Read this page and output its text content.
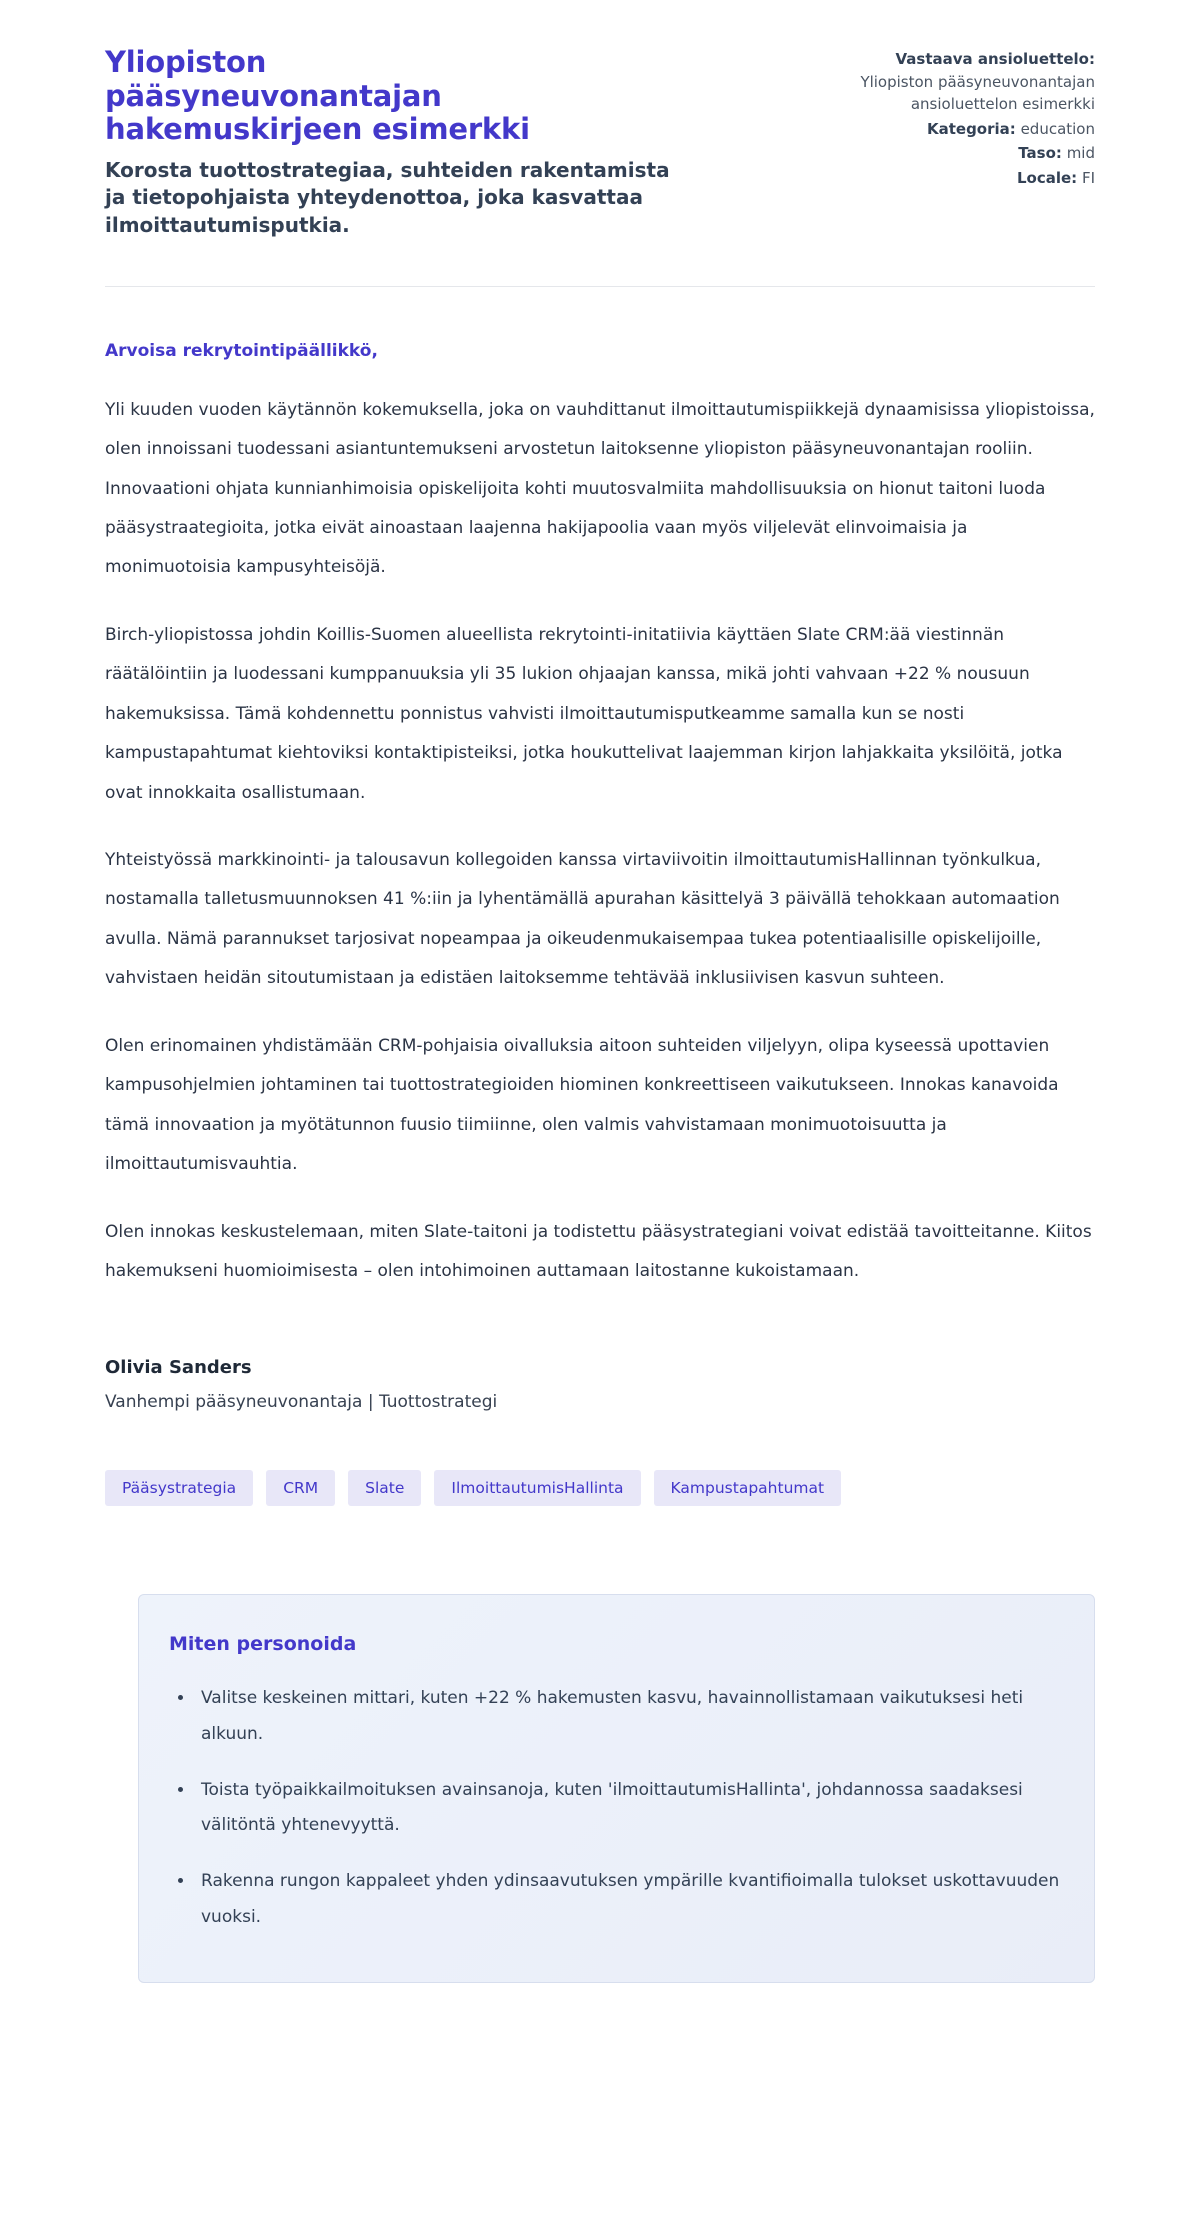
Yliopiston pääsyneuvonantajan hakemuskirjeen esimerkki
Korosta tuottostrategiaa, suhteiden rakentamista ja tietopohjaista yhteydenottoa, joka kasvattaa ilmoittautumisputkia.
Vastaava ansioluettelo:
Yliopiston pääsyneuvonantajan ansioluettelon esimerkki
Kategoria: education
Taso: mid
Locale: FI

Arvoisa rekrytointipäällikkö,

Yli kuuden vuoden käytännön kokemuksella, joka on vauhdittanut ilmoittautumispiikkejä dynaamisissa yliopistoissa, olen innoissani tuodessani asiantuntemukseni arvostetun laitoksenne yliopiston pääsyneuvonantajan rooliin. Innovaationi ohjata kunnianhimoisia opiskelijoita kohti muutosvalmiita mahdollisuuksia on hionut taitoni luoda pääsystraategioita, jotka eivät ainoastaan laajenna hakijapoolia vaan myös viljelevät elinvoimaisia ja monimuotoisia kampusyhteisöjä.

Birch-yliopistossa johdin Koillis-Suomen alueellista rekrytointi-initatiivia käyttäen Slate CRM:ää viestinnän räätälöintiin ja luodessani kumppanuuksia yli 35 lukion ohjaajan kanssa, mikä johti vahvaan +22 % nousuun hakemuksissa. Tämä kohdennettu ponnistus vahvisti ilmoittautumisputkeamme samalla kun se nosti kampustapahtumat kiehtoviksi kontaktipisteiksi, jotka houkuttelivat laajemman kirjon lahjakkaita yksilöitä, jotka ovat innokkaita osallistumaan.

Yhteistyössä markkinointi- ja talousavun kollegoiden kanssa virtaviivoitin ilmoittautumisHallinnan työnkulkua, nostamalla talletusmuunnoksen 41 %:iin ja lyhentämällä apurahan käsittelyä 3 päivällä tehokkaan automaation avulla. Nämä parannukset tarjosivat nopeampaa ja oikeudenmukaisempaa tukea potentiaalisille opiskelijoille, vahvistaen heidän sitoutumistaan ja edistäen laitoksemme tehtävää inklusiivisen kasvun suhteen.

Olen erinomainen yhdistämään CRM-pohjaisia oivalluksia aitoon suhteiden viljelyyn, olipa kyseessä upottavien kampusohjelmien johtaminen tai tuottostrategioiden hiominen konkreettiseen vaikutukseen. Innokas kanavoida tämä innovaation ja myötätunnon fuusio tiimiinne, olen valmis vahvistamaan monimuotoisuutta ja ilmoittautumisvauhtia.

Olen innokas keskustelemaan, miten Slate-taitoni ja todistettu pääsystrategiani voivat edistää tavoitteitanne. Kiitos hakemukseni huomioimisesta – olen intohimoinen auttamaan laitostanne kukoistamaan.

Olivia Sanders
Vanhempi pääsyneuvonantaja | Tuottostrategi
Pääsystrategia	CRM	Slate	IlmoittautumisHallinta	Kampustapahtumat
Miten personoida
• Valitse keskeinen mittari, kuten +22 % hakemusten kasvu, havainnollistamaan vaikutuksesi heti alkuun.
• Toista työpaikkailmoituksen avainsanoja, kuten 'ilmoittautumisHallinta', johdannossa saadaksesi välitöntä yhtenevyyttä.
• Rakenna rungon kappaleet yhden ydinsaavutuksen ympärille kvantifioimalla tulokset uskottavuuden vuoksi.
